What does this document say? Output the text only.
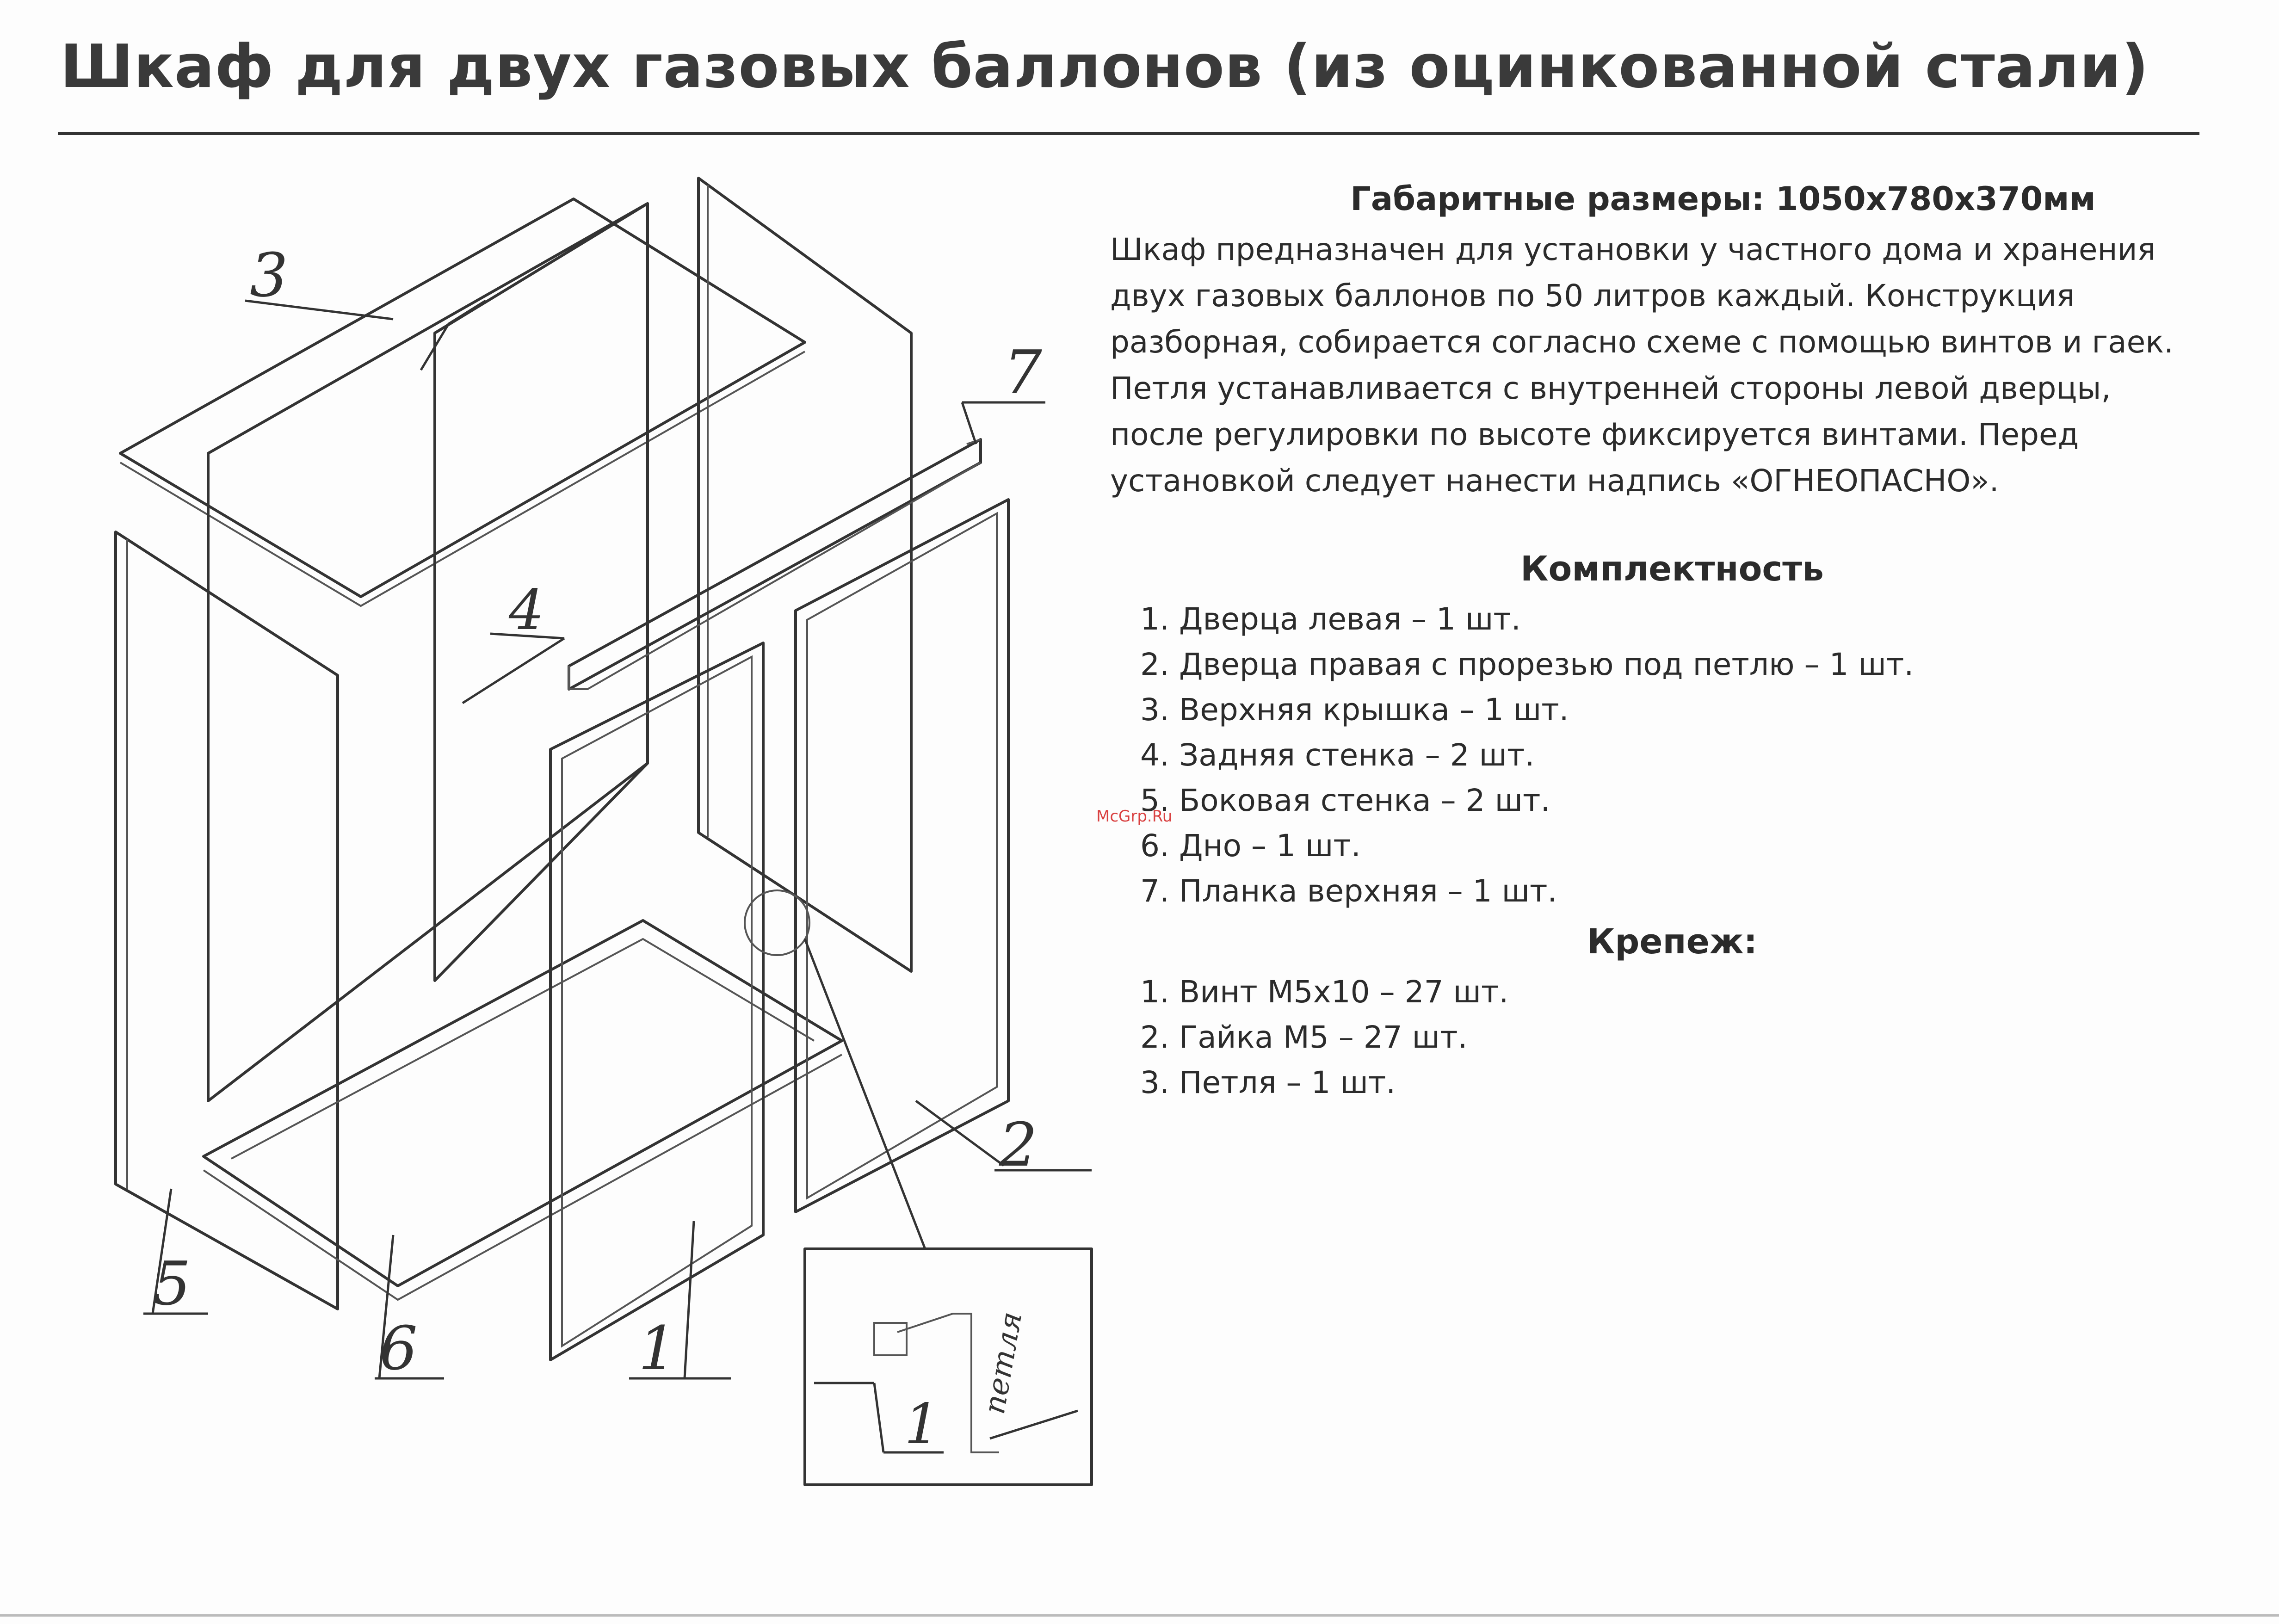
Шкаф для двух газовых баллонов (из оцинкованной стали)
1
петля
3
4
7
2
5
6	1

Габаритные размеры: 1050х780х370мм

Шкаф предназначен для установки у частного дома и хранения двух газовых баллонов по 50 литров каждый. Конструкция разборная, собирается согласно схеме с помощью винтов и гаек. Петля устанавливается с внутренней стороны левой дверцы, после регулировки по высоте фиксируется винтами. Перед установкой следует нанести надпись «ОГНЕОПАСНО».

Комплектность

1. Дверца левая – 1 шт.
2. Дверца правая с прорезью под петлю – 1 шт.
3. Верхняя крышка – 1 шт.
4. Задняя стенка – 2 шт.
5. Боковая стенка – 2 шт.
6. Дно – 1 шт.
7. Планка верхняя – 1 шт.

Крепеж:

1. Винт М5х10 – 27 шт.
2. Гайка М5 – 27 шт.
3. Петля – 1 шт.
McGrp.Ru
